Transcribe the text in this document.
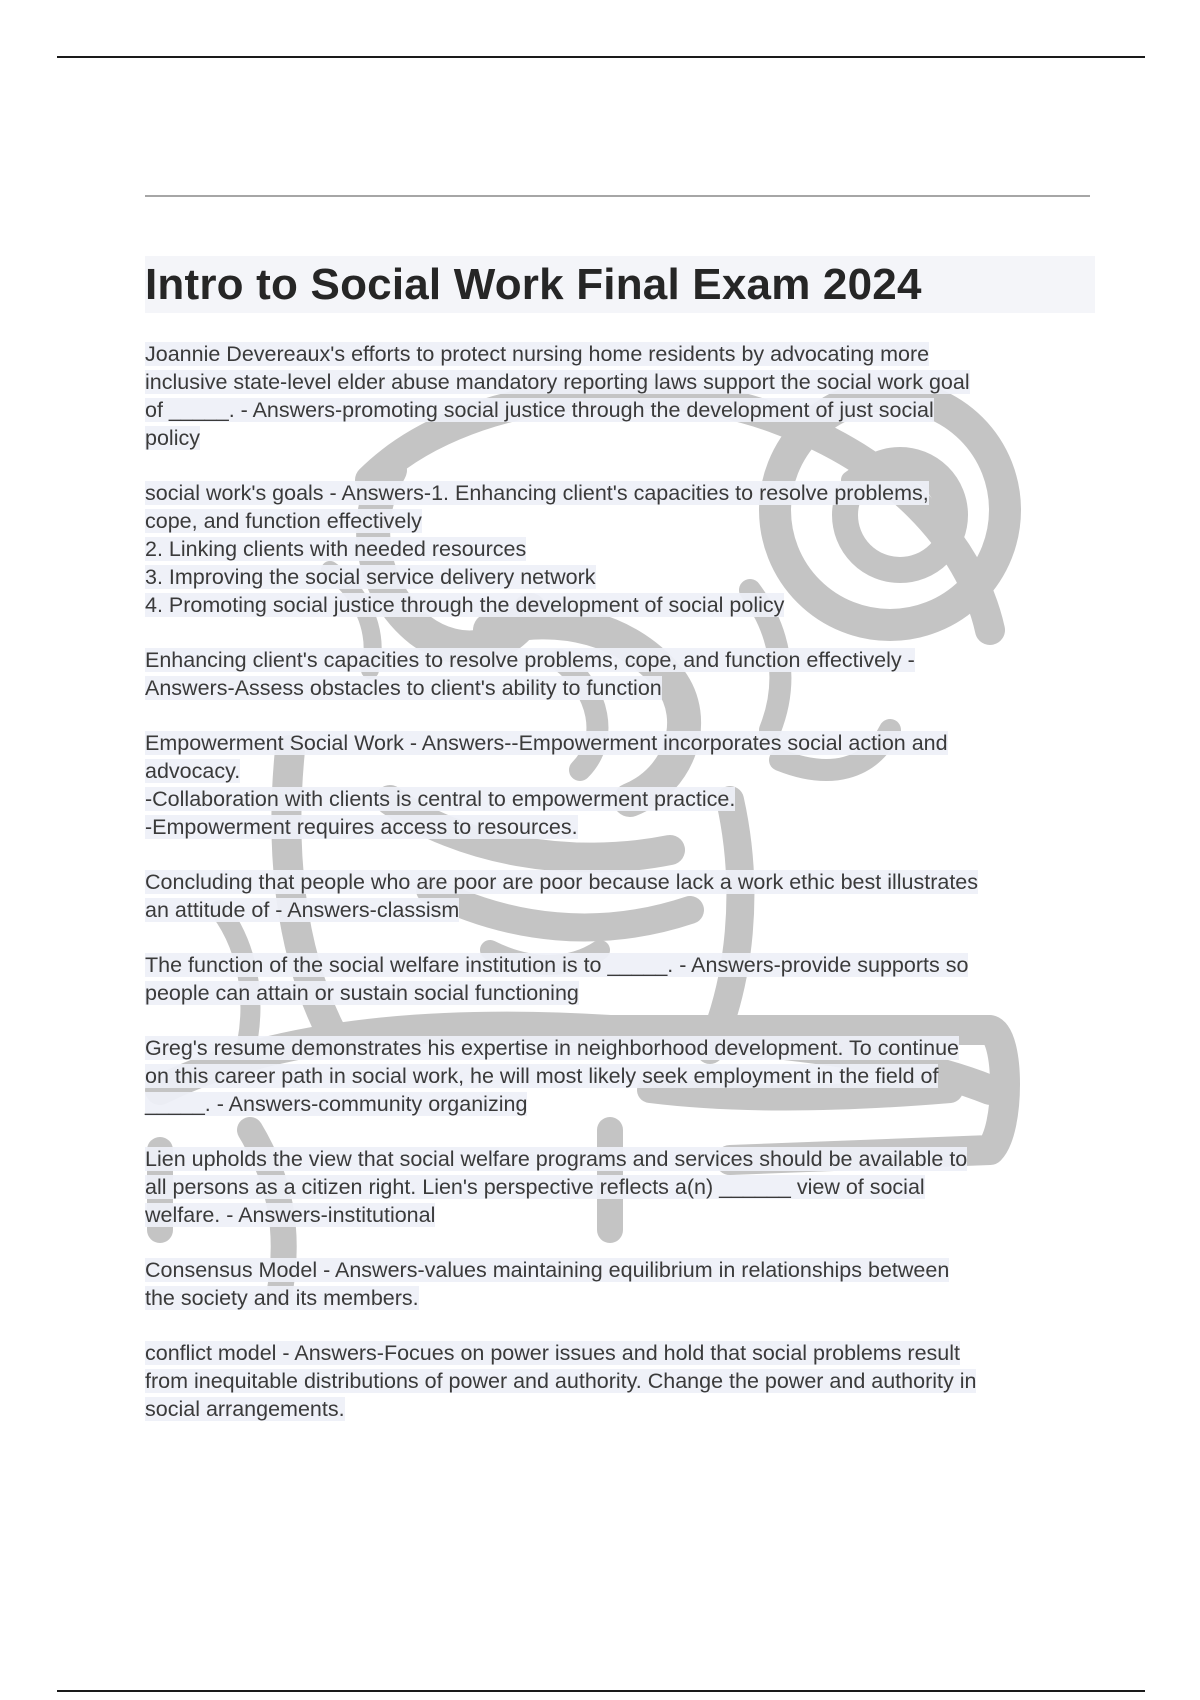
Intro to Social Work Final Exam 2024
Joannie Devereaux's efforts to protect nursing home residents by advocating more
inclusive state-level elder abuse mandatory reporting laws support the social work goal
of _____. - Answers-promoting social justice through the development of just social
policy
social work's goals - Answers-1. Enhancing client's capacities to resolve problems,
cope, and function effectively
2. Linking clients with needed resources
3. Improving the social service delivery network
4. Promoting social justice through the development of social policy
Enhancing client's capacities to resolve problems, cope, and function effectively -
Answers-Assess obstacles to client's ability to function
Empowerment Social Work - Answers--Empowerment incorporates social action and
advocacy.
-Collaboration with clients is central to empowerment practice.
-Empowerment requires access to resources.
Concluding that people who are poor are poor because lack a work ethic best illustrates
an attitude of - Answers-classism
The function of the social welfare institution is to _____. - Answers-provide supports so
people can attain or sustain social functioning
Greg's resume demonstrates his expertise in neighborhood development. To continue
on this career path in social work, he will most likely seek employment in the field of
_____. - Answers-community organizing
Lien upholds the view that social welfare programs and services should be available to
all persons as a citizen right. Lien's perspective reflects a(n) ______ view of social
welfare. - Answers-institutional
Consensus Model - Answers-values maintaining equilibrium in relationships between
the society and its members.
conflict model - Answers-Focues on power issues and hold that social problems result
from inequitable distributions of power and authority. Change the power and authority in
social arrangements.
